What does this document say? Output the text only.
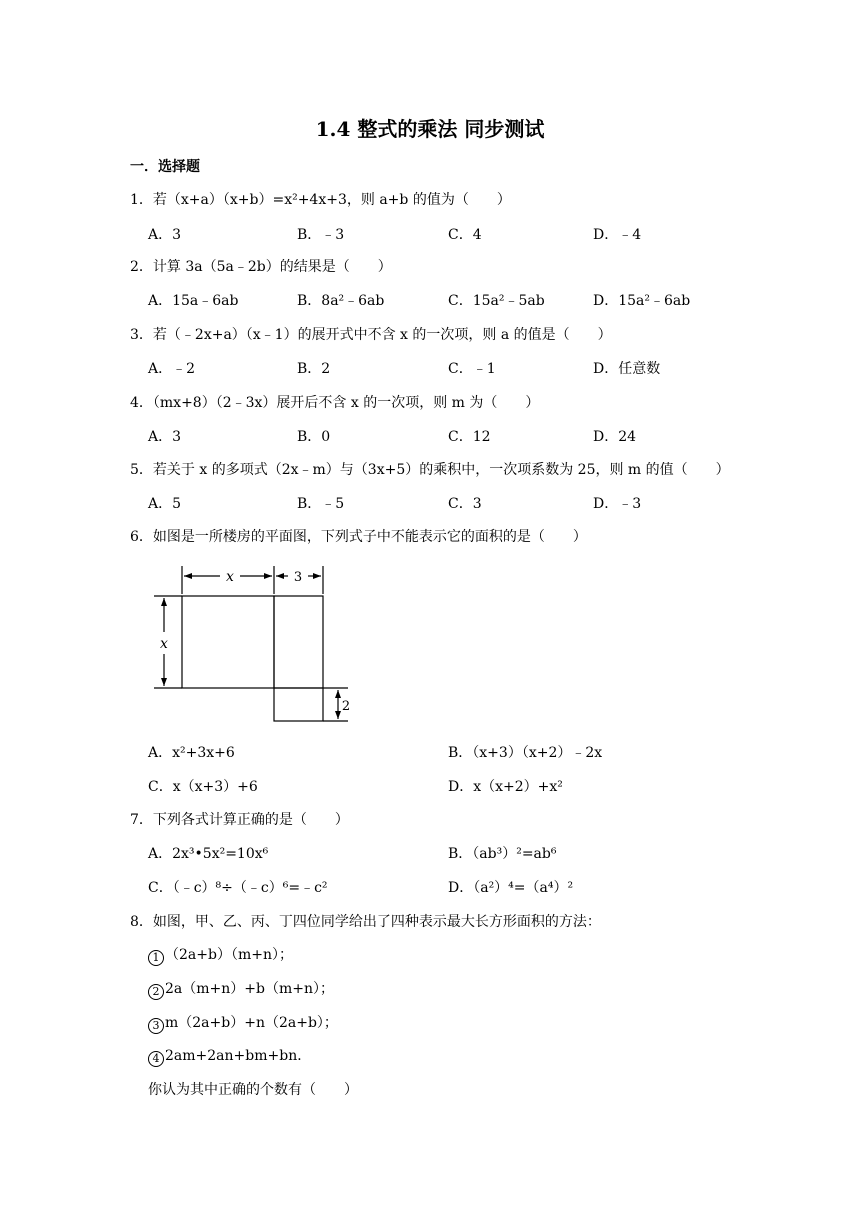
1.4 整式的乘法 同步测试
一．选择题
1．若（x+a）（x+b）=x²+4x+3，则 a+b 的值为（　　）
A．3	B．﹣3	C．4	D．﹣4
2．计算 3a（5a﹣2b）的结果是（　　）
A．15a﹣6ab	B．8a²﹣6ab	C．15a²﹣5ab	D．15a²﹣6ab
3．若（﹣2x+a）（x﹣1）的展开式中不含 x 的一次项，则 a 的值是（　　）
A．﹣2	B．2	C．﹣1	D．任意数
4．（mx+8）（2﹣3x）展开后不含 x 的一次项，则 m 为（　　）
A．3	B．0	C．12	D．24
5．若关于 x 的多项式（2x﹣m）与（3x+5）的乘积中，一次项系数为 25，则 m 的值（　　）
A．5	B．﹣5	C．3	D．﹣3
6．如图是一所楼房的平面图，下列式子中不能表示它的面积的是（　　）
x	3
x
2
A．x²+3x+6	B．（x+3）（x+2）﹣2x
C．x（x+3）+6	D．x（x+2）+x²
7．下列各式计算正确的是（　　）
A．2x³•5x²=10x⁶	B．（ab³）²=ab⁶
C．（﹣c）⁸÷（﹣c）⁶=﹣c²	D．（a²）⁴=（a⁴）²
8．如图，甲、乙、丙、丁四位同学给出了四种表示最大长方形面积的方法：
1 （2a+b）（m+n）；
2 2a（m+n）+b（m+n）；
3 m（2a+b）+n（2a+b）；
4 2am+2an+bm+bn．
你认为其中正确的个数有（　　）
